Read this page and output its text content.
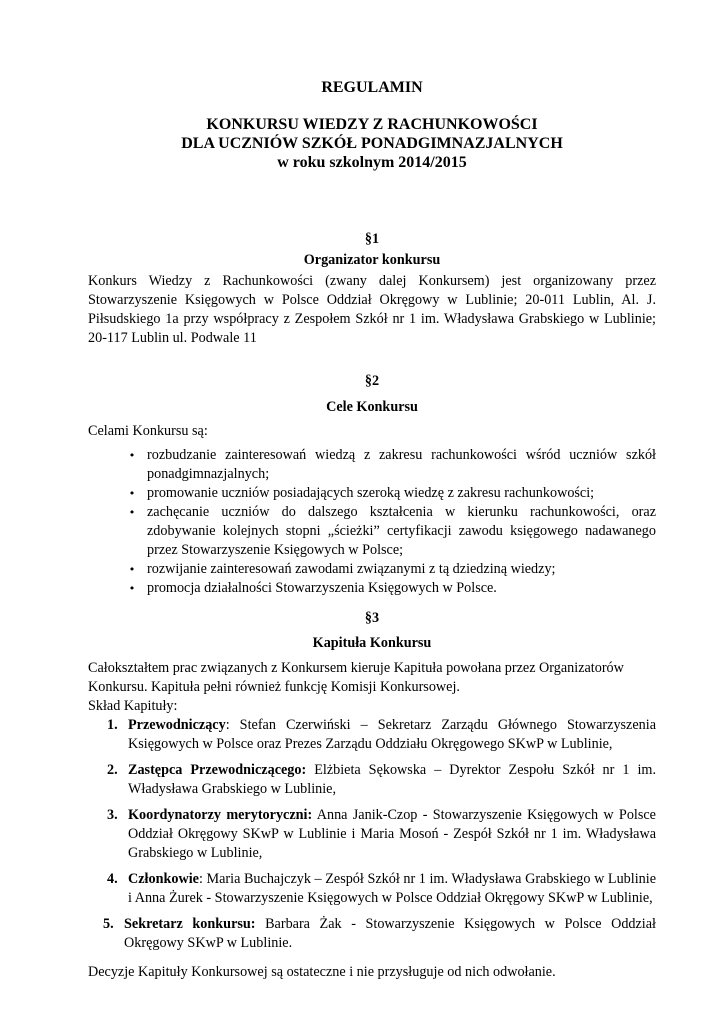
REGULAMIN
KONKURSU WIEDZY Z RACHUNKOWOŚCI
DLA UCZNIÓW SZKÓŁ PONADGIMNAZJALNYCH
w roku szkolnym 2014/2015
§1
Organizator konkursu
Konkurs Wiedzy z Rachunkowości (zwany dalej Konkursem) jest organizowany przez Stowarzyszenie Księgowych w Polsce Oddział Okręgowy w Lublinie; 20-011 Lublin, Al. J. Piłsudskiego 1a przy współpracy z Zespołem Szkół nr 1 im. Władysława Grabskiego w Lublinie; 20-117 Lublin ul. Podwale 11
§2
Cele Konkursu
Celami Konkursu są:
• rozbudzanie zainteresowań wiedzą z zakresu rachunkowości wśród uczniów szkół ponadgimnazjalnych;
• promowanie uczniów posiadających szeroką wiedzę z zakresu rachunkowości;
• zachęcanie uczniów do dalszego kształcenia w kierunku rachunkowości, oraz zdobywanie kolejnych stopni „ścieżki” certyfikacji zawodu księgowego nadawanego przez Stowarzyszenie Księgowych w Polsce;
• rozwijanie zainteresowań zawodami związanymi z tą dziedziną wiedzy;
• promocja działalności Stowarzyszenia Księgowych w Polsce.
§3
Kapituła Konkursu

Całokształtem prac związanych z Konkursem kieruje Kapituła powołana przez Organizatorów Konkursu. Kapituła pełni również funkcję Komisji Konkursowej.

Skład Kapituły:

1. Przewodniczący: Stefan Czerwiński – Sekretarz Zarządu Głównego Stowarzyszenia Księgowych w Polsce oraz Prezes Zarządu Oddziału Okręgowego SKwP w Lublinie,
2. Zastępca Przewodniczącego: Elżbieta Sękowska – Dyrektor Zespołu Szkół nr 1 im. Władysława Grabskiego w Lublinie,
3. Koordynatorzy merytoryczni: Anna Janik-Czop - Stowarzyszenie Księgowych w Polsce Oddział Okręgowy SKwP w Lublinie i Maria Mosoń - Zespół Szkół nr 1 im. Władysława Grabskiego w Lublinie,
4. Członkowie: Maria Buchajczyk – Zespół Szkół nr 1 im. Władysława Grabskiego w Lublinie i Anna Żurek - Stowarzyszenie Księgowych w Polsce Oddział Okręgowy SKwP w Lublinie,
5. Sekretarz konkursu: Barbara Żak - Stowarzyszenie Księgowych w Polsce Oddział Okręgowy SKwP w Lublinie.
Decyzje Kapituły Konkursowej są ostateczne i nie przysługuje od nich odwołanie.
